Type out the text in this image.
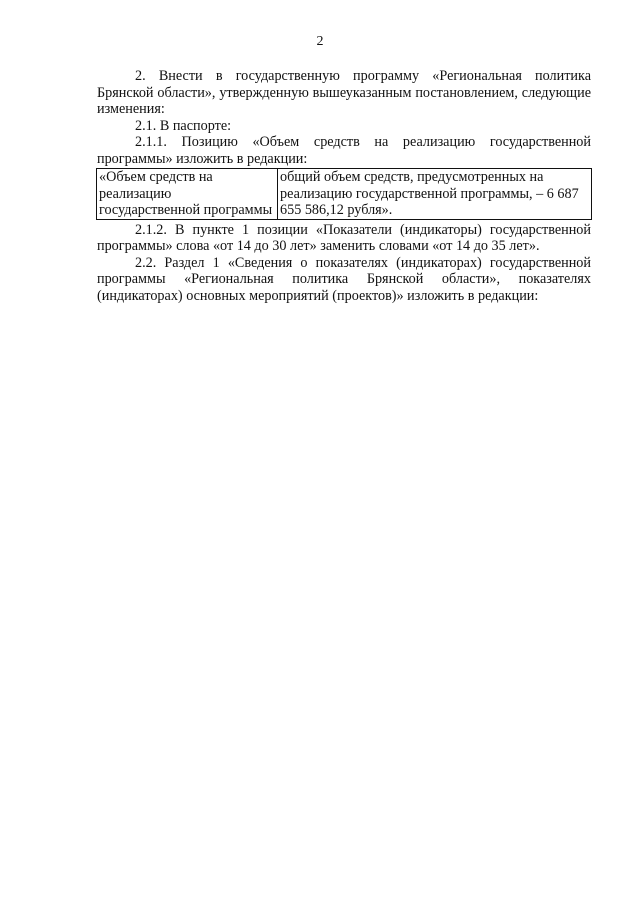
2

2. Внести в государственную программу «Региональная политика Брянской области», утвержденную вышеуказанным постановлением, следующие изменения:

2.1. В паспорте:

2.1.1. Позицию «Объем средств на реализацию государственной программы» изложить в редакции:

«Объем средств на реализацию государственной программы	общий объем средств, предусмотренных на реализацию государственной программы, – 6 687 655 586,12 рубля».

2.1.2. В пункте 1 позиции «Показатели (индикаторы) государственной программы» слова «от 14 до 30 лет» заменить словами «от 14 до 35 лет».

2.2. Раздел 1 «Сведения о показателях (индикаторах) государственной программы «Региональная политика Брянской области», показателях (индикаторах) основных мероприятий (проектов)» изложить в редакции:
